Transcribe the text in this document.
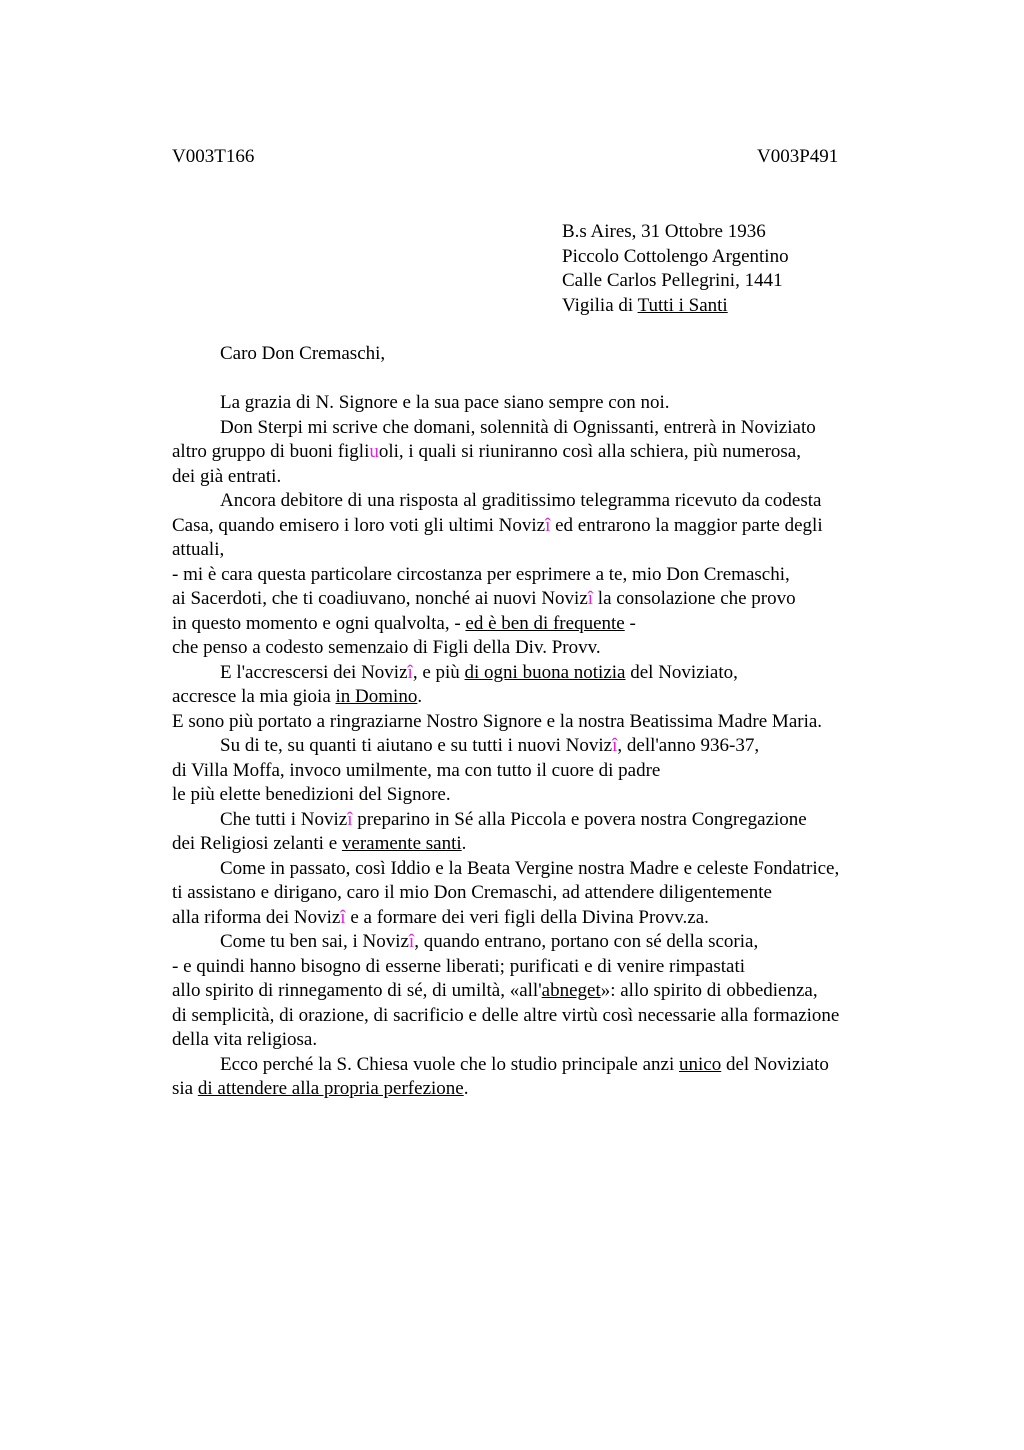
V003T166	V003P491
B.s Aires, 31 Ottobre 1936
Piccolo Cottolengo Argentino
Calle Carlos Pellegrini, 1441
Vigilia di Tutti i Santi
Caro Don Cremaschi,
La grazia di N. Signore e la sua pace siano sempre con noi.
Don Sterpi mi scrive che domani, solennità di Ognissanti, entrerà in Noviziato
altro gruppo di buoni figliuoli, i quali si riuniranno così alla schiera, più numerosa,
dei già entrati.
Ancora debitore di una risposta al graditissimo telegramma ricevuto da codesta
Casa, quando emisero i loro voti gli ultimi Novizî ed entrarono la maggior parte degli
attuali,
- mi è cara questa particolare circostanza per esprimere a te, mio Don Cremaschi,
ai Sacerdoti, che ti coadiuvano, nonché ai nuovi Novizî la consolazione che provo
in questo momento e ogni qualvolta, - ed è ben di frequente -
che penso a codesto semenzaio di Figli della Div. Provv.
E l'accrescersi dei Novizî, e più di ogni buona notizia del Noviziato,
accresce la mia gioia in Domino.
E sono più portato a ringraziarne Nostro Signore e la nostra Beatissima Madre Maria.
Su di te, su quanti ti aiutano e su tutti i nuovi Novizî, dell'anno 936-37,
di Villa Moffa, invoco umilmente, ma con tutto il cuore di padre
le più elette benedizioni del Signore.
Che tutti i Novizî preparino in Sé alla Piccola e povera nostra Congregazione
dei Religiosi zelanti e veramente santi.
Come in passato, così Iddio e la Beata Vergine nostra Madre e celeste Fondatrice,
ti assistano e dirigano, caro il mio Don Cremaschi, ad attendere diligentemente
alla riforma dei Novizî e a formare dei veri figli della Divina Provv.za.
Come tu ben sai, i Novizî, quando entrano, portano con sé della scoria,
- e quindi hanno bisogno di esserne liberati; purificati e di venire rimpastati
allo spirito di rinnegamento di sé, di umiltà, «all'abneget»: allo spirito di obbedienza,
di semplicità, di orazione, di sacrificio e delle altre virtù così necessarie alla formazione
della vita religiosa.
Ecco perché la S. Chiesa vuole che lo studio principale anzi unico del Noviziato
sia di attendere alla propria perfezione.
